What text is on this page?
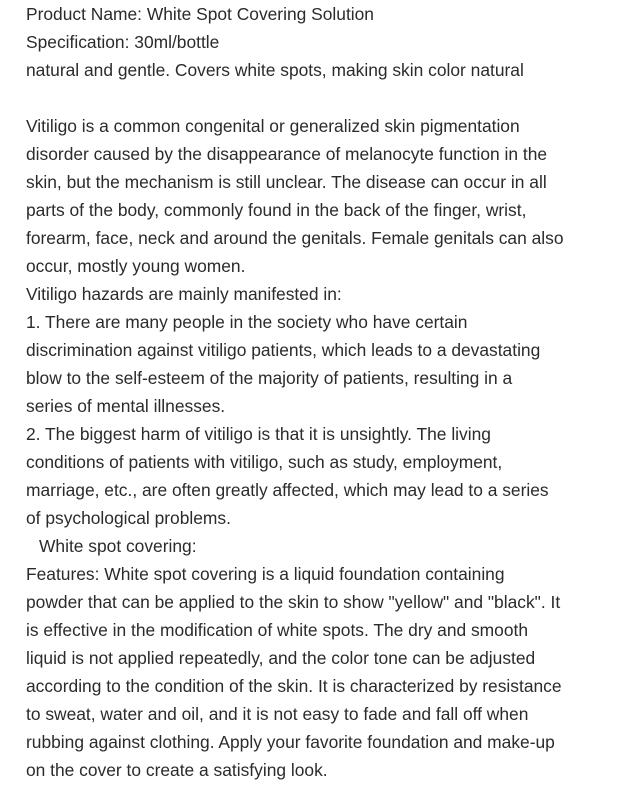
Product Name: White Spot Covering Solution
Specification: 30ml/bottle
natural and gentle. Covers white spots, making skin color natural
Vitiligo is a common congenital or generalized skin pigmentation
disorder caused by the disappearance of melanocyte function in the
skin, but the mechanism is still unclear. The disease can occur in all
parts of the body, commonly found in the back of the finger, wrist,
forearm, face, neck and around the genitals. Female genitals can also
occur, mostly young women.
Vitiligo hazards are mainly manifested in:
1. There are many people in the society who have certain
discrimination against vitiligo patients, which leads to a devastating
blow to the self-esteem of the majority of patients, resulting in a
series of mental illnesses.
2. The biggest harm of vitiligo is that it is unsightly. The living
conditions of patients with vitiligo, such as study, employment,
marriage, etc., are often greatly affected, which may lead to a series
of psychological problems.
White spot covering:
Features: White spot covering is a liquid foundation containing
powder that can be applied to the skin to show "yellow" and "black". It
is effective in the modification of white spots. The dry and smooth
liquid is not applied repeatedly, and the color tone can be adjusted
according to the condition of the skin. It is characterized by resistance
to sweat, water and oil, and it is not easy to fade and fall off when
rubbing against clothing. Apply your favorite foundation and make-up
on the cover to create a satisfying look.
